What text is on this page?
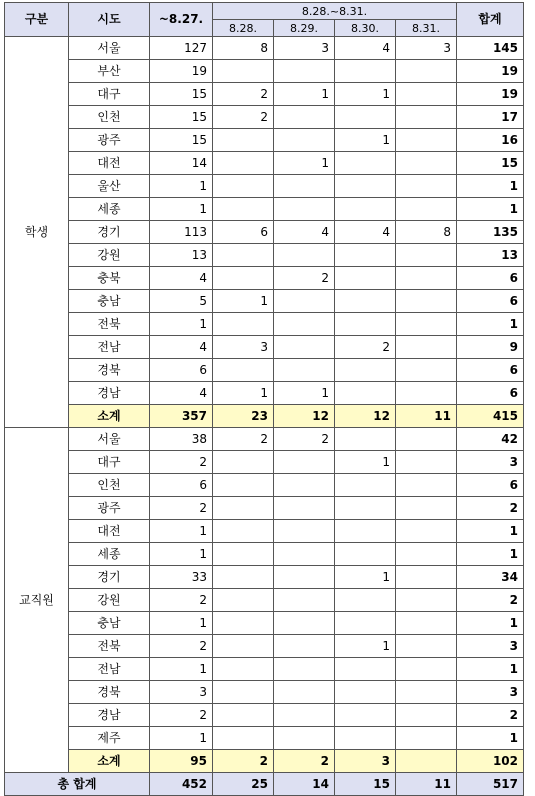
구분	시도	~8.27.	8.28.~8.31.				합계
			8.28.	8.29.	8.30.	8.31.	
학생	서울	127	8	3	4	3	145
	부산	19					19
	대구	15	2	1	1		19
	인천	15	2				17
	광주	15			1		16
	대전	14		1			15
	울산	1					1
	세종	1					1
	경기	113	6	4	4	8	135
	강원	13					13
	충북	4		2			6
	충남	5	1				6
	전북	1					1
	전남	4	3		2		9
	경북	6					6
	경남	4	1	1			6
	소계	357	23	12	12	11	415
교직원	서울	38	2	2			42
	대구	2			1		3
	인천	6					6
	광주	2					2
	대전	1					1
	세종	1					1
	경기	33			1		34
	강원	2					2
	충남	1					1
	전북	2			1		3
	전남	1					1
	경북	3					3
	경남	2					2
	제주	1					1
	소계	95	2	2	3		102
총 합계		452	25	14	15	11	517
